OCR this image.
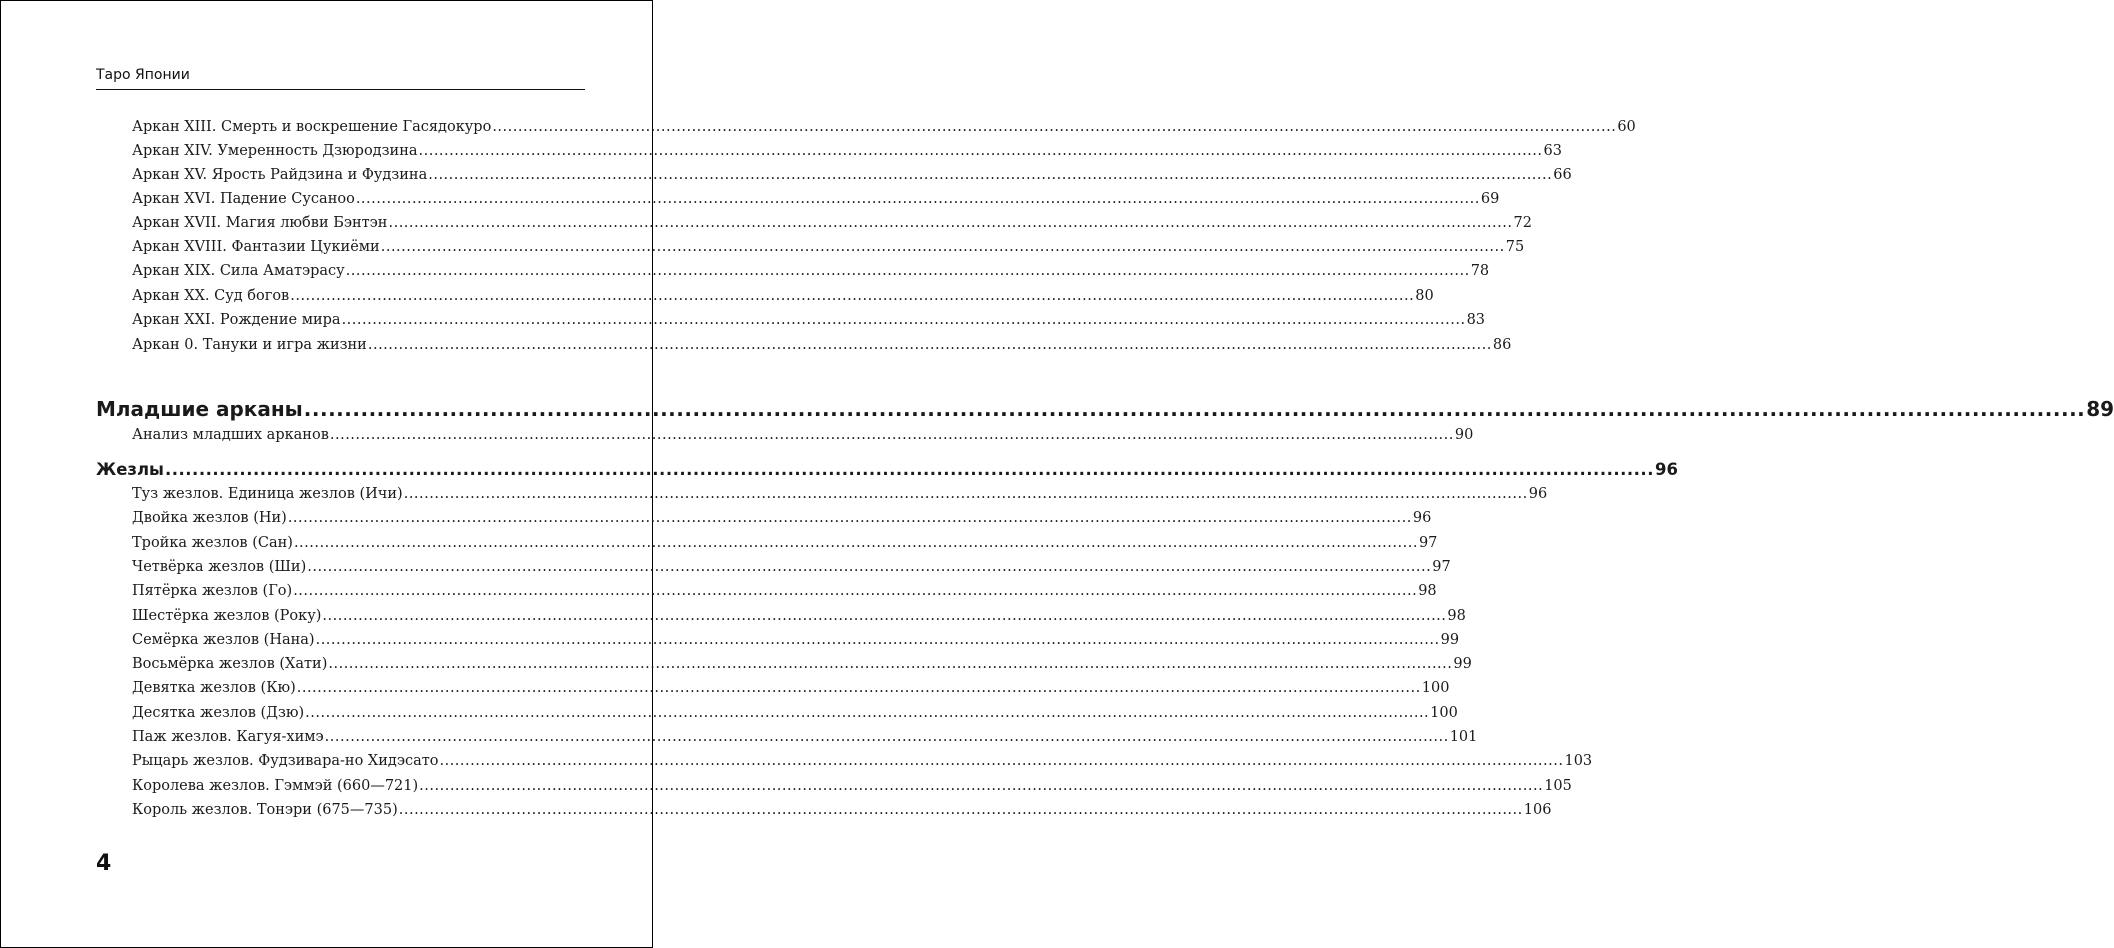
Таро Японии
Аркан XIII. Смерть и воскрешение Гасядокуро ............................................................................................................................................................................................................................ 60
Аркан XIV. Умеренность Дзюродзина ............................................................................................................................................................................................................................ 63
Аркан XV. Ярость Райдзина и Фудзина ............................................................................................................................................................................................................................ 66
Аркан XVI. Падение Сусаноо ............................................................................................................................................................................................................................ 69
Аркан XVII. Магия любви Бэнтэн ............................................................................................................................................................................................................................ 72
Аркан XVIII. Фантазии Цукиёми ............................................................................................................................................................................................................................ 75
Аркан XIX. Сила Аматэрасу ............................................................................................................................................................................................................................ 78
Аркан XX. Суд богов ............................................................................................................................................................................................................................ 80
Аркан XXI. Рождение мира ............................................................................................................................................................................................................................ 83
Аркан 0. Тануки и игра жизни ............................................................................................................................................................................................................................ 86
Младшие арканы ............................................................................................................................................................................................................................ 89
Анализ младших арканов ............................................................................................................................................................................................................................ 90
Жезлы ............................................................................................................................................................................................................................ 96
Туз жезлов. Единица жезлов (Ичи) ............................................................................................................................................................................................................................ 96
Двойка жезлов (Ни) ............................................................................................................................................................................................................................ 96
Тройка жезлов (Сан) ............................................................................................................................................................................................................................ 97
Четвёрка жезлов (Ши) ............................................................................................................................................................................................................................ 97
Пятёрка жезлов (Го) ............................................................................................................................................................................................................................ 98
Шестёрка жезлов (Року) ............................................................................................................................................................................................................................ 98
Семёрка жезлов (Нана) ............................................................................................................................................................................................................................ 99
Восьмёрка жезлов (Хати) ............................................................................................................................................................................................................................ 99
Девятка жезлов (Кю) ............................................................................................................................................................................................................................ 100
Десятка жезлов (Дзю) ............................................................................................................................................................................................................................ 100
Паж жезлов. Кагуя-химэ ............................................................................................................................................................................................................................ 101
Рыцарь жезлов. Фудзивара-но Хидэсато ............................................................................................................................................................................................................................ 103
Королева жезлов. Гэммэй (660—721) ............................................................................................................................................................................................................................ 105
Король жезлов. Тонэри (675—735) ............................................................................................................................................................................................................................ 106
4
